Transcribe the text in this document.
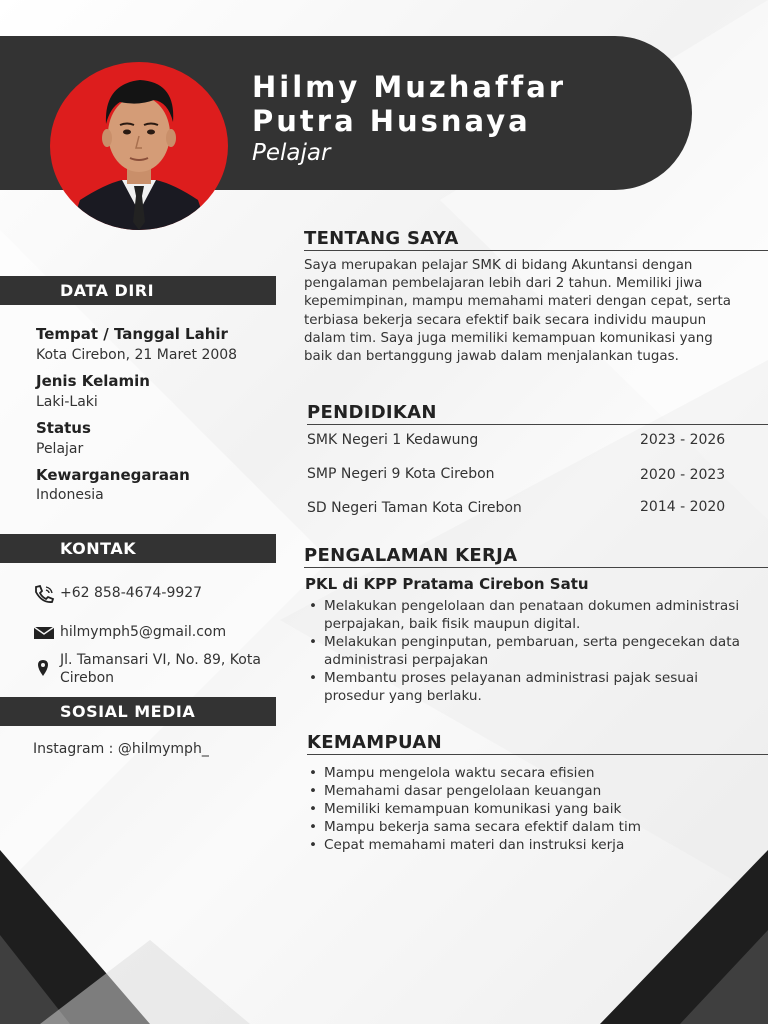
Hilmy Muzhaffar Putra Husnaya
Pelajar
DATA DIRI
Tempat / Tanggal Lahir
Kota Cirebon, 21 Maret 2008
Jenis Kelamin
Laki-Laki
Status
Pelajar
Kewarganegaraan
Indonesia
KONTAK
+62 858-4674-9927
hilmymph5@gmail.com
Jl. Tamansari VI, No. 89, Kota Cirebon
SOSIAL MEDIA
Instagram : @hilmymph_
TENTANG SAYA
Saya merupakan pelajar SMK di bidang Akuntansi dengan pengalaman pembelajaran lebih dari 2 tahun. Memiliki jiwa kepemimpinan, mampu memahami materi dengan cepat, serta terbiasa bekerja secara efektif baik secara individu maupun dalam tim. Saya juga memiliki kemampuan komunikasi yang baik dan bertanggung jawab dalam menjalankan tugas.
PENDIDIKAN
SMK Negeri 1 Kedawung	2023 - 2026
SMP Negeri 9 Kota Cirebon	2020 - 2023
SD Negeri Taman Kota Cirebon	2014 - 2020
PENGALAMAN KERJA
PKL di KPP Pratama Cirebon Satu
• Melakukan pengelolaan dan penataan dokumen administrasi perpajakan, baik fisik maupun digital.
• Melakukan penginputan, pembaruan, serta pengecekan data administrasi perpajakan
• Membantu proses pelayanan administrasi pajak sesuai prosedur yang berlaku.
KEMAMPUAN
• Mampu mengelola waktu secara efisien
• Memahami dasar pengelolaan keuangan
• Memiliki kemampuan komunikasi yang baik
• Mampu bekerja sama secara efektif dalam tim
• Cepat memahami materi dan instruksi kerja
